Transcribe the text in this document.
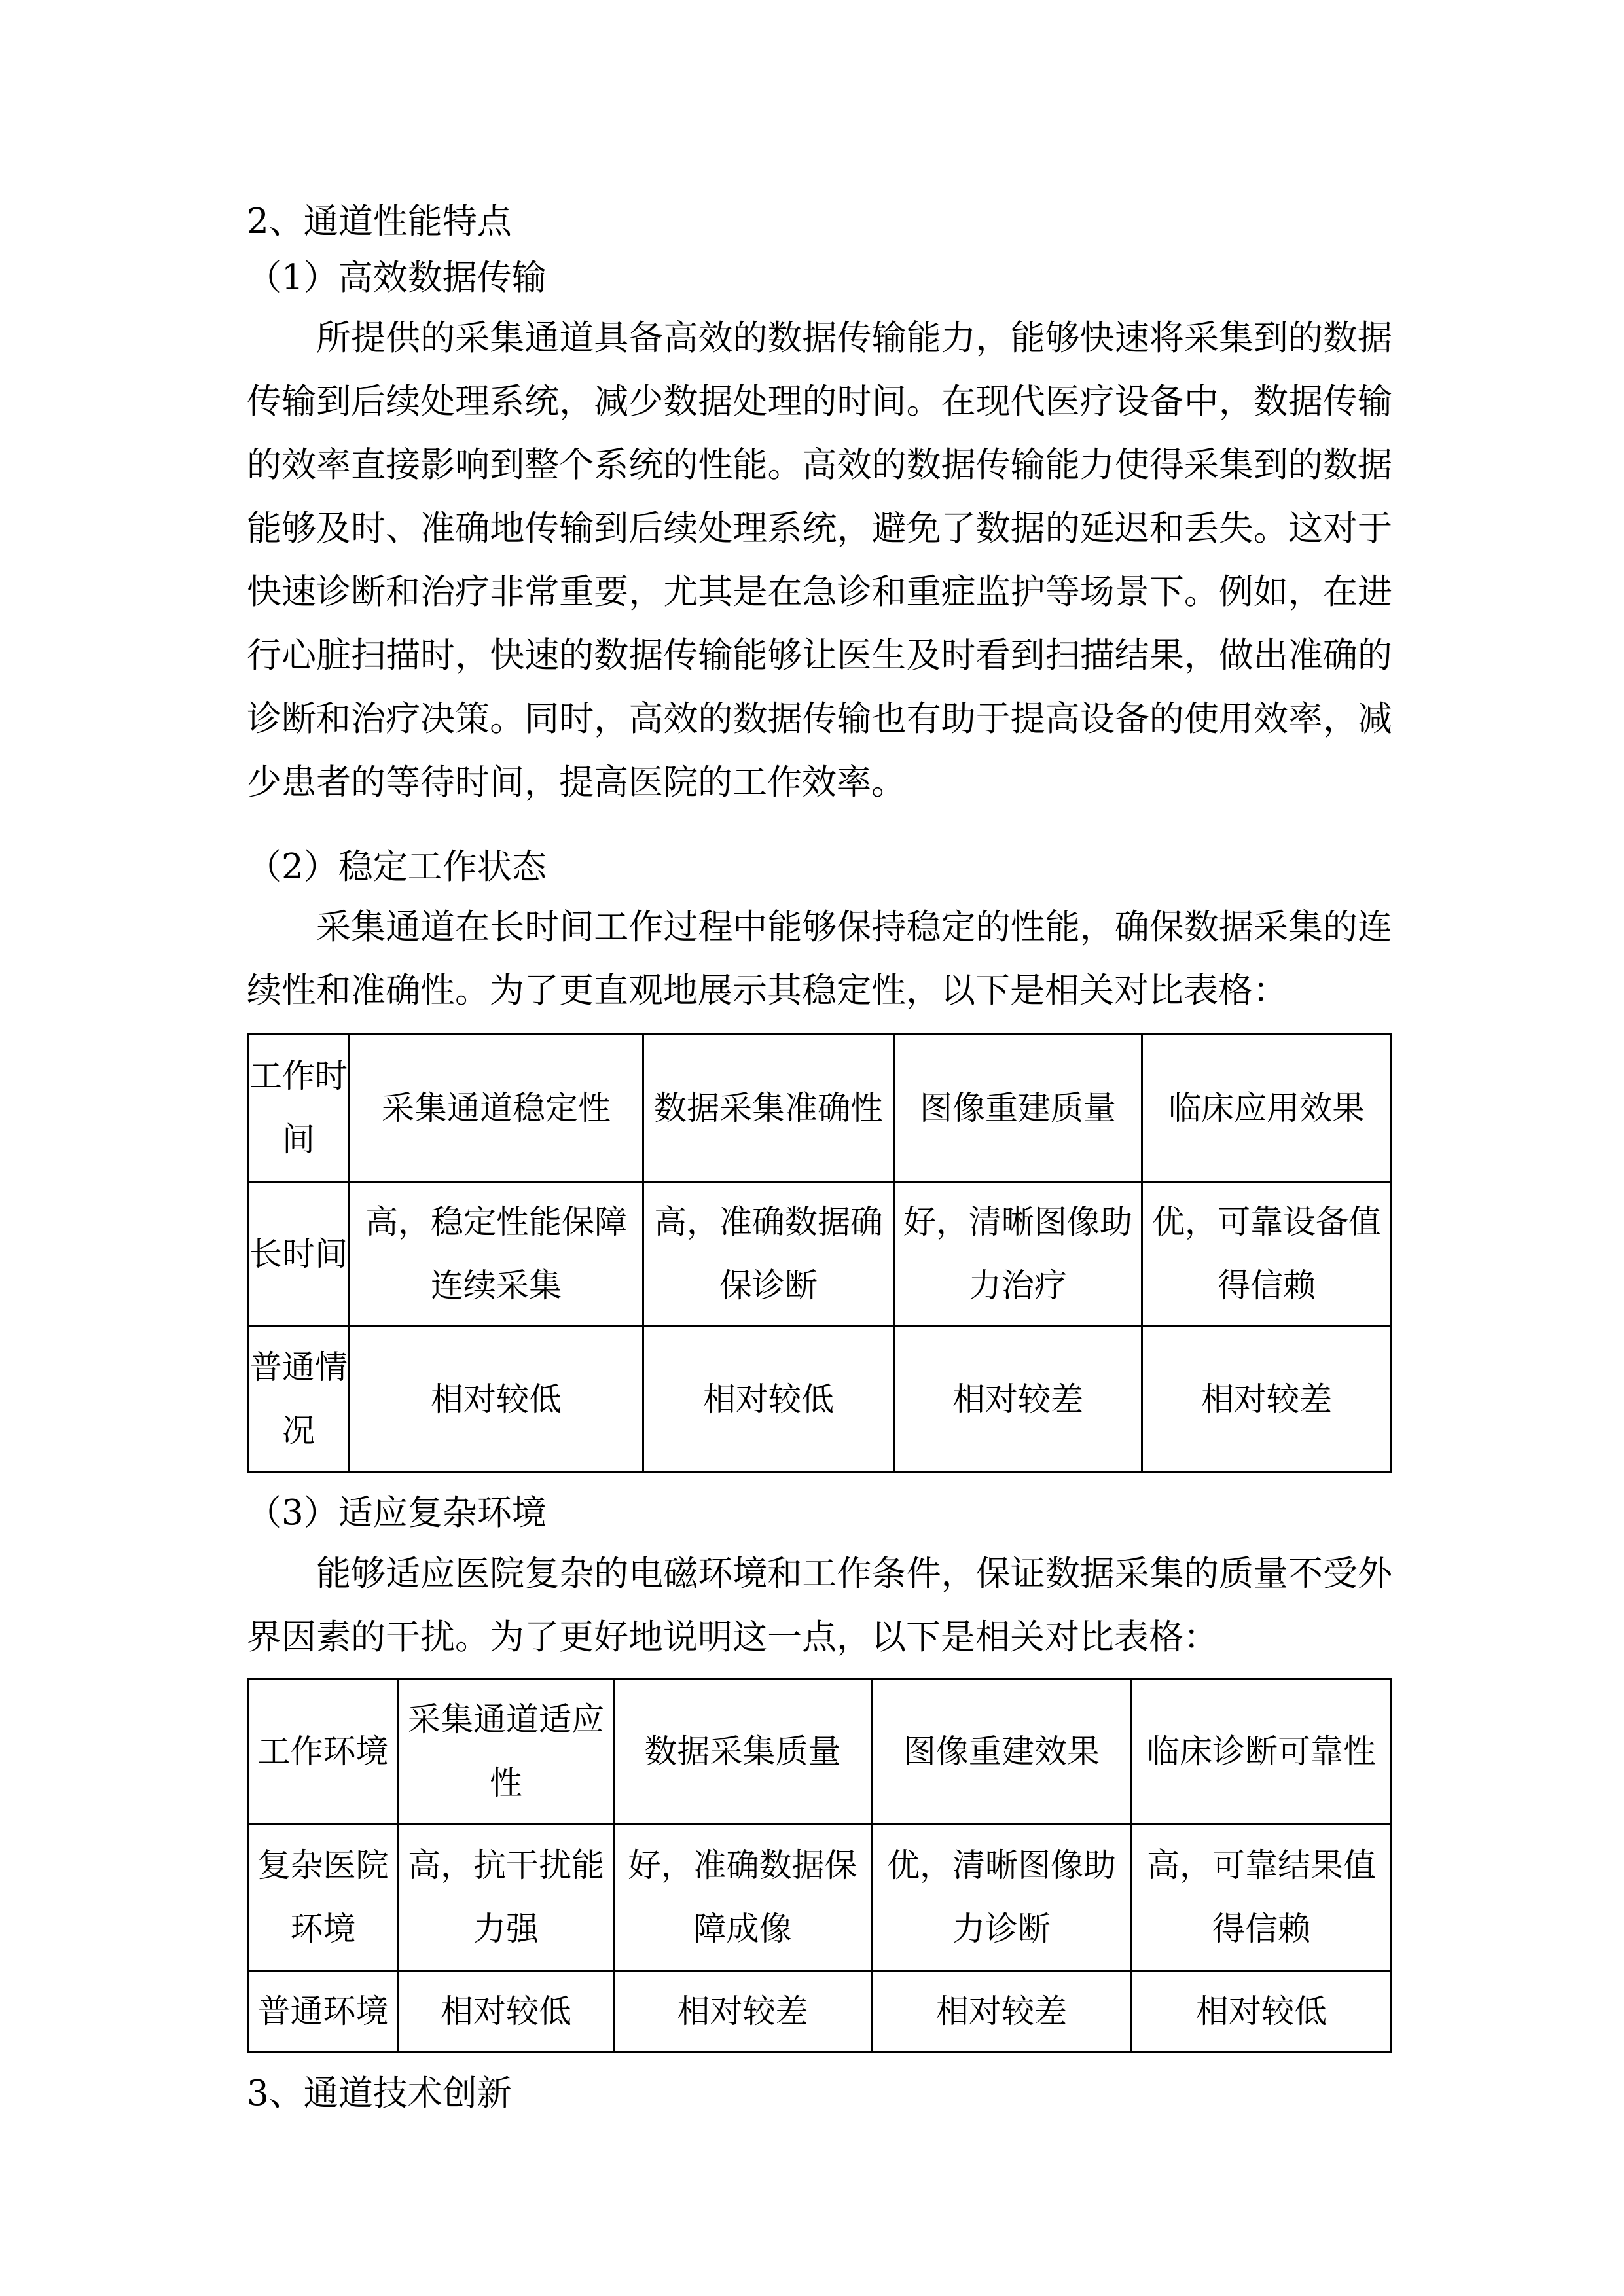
2、通道性能特点
（1）高效数据传输
所提供的采集通道具备高效的数据传输能力，能够快速将采集到的数据传输到后续处理系统，减少数据处理的时间。在现代医疗设备中，数据传输的效率直接影响到整个系统的性能。高效的数据传输能力使得采集到的数据能够及时、准确地传输到后续处理系统，避免了数据的延迟和丢失。这对于快速诊断和治疗非常重要，尤其是在急诊和重症监护等场景下。例如，在进行心脏扫描时，快速的数据传输能够让医生及时看到扫描结果，做出准确的诊断和治疗决策。同时，高效的数据传输也有助于提高设备的使用效率，减少患者的等待时间，提高医院的工作效率。
（2）稳定工作状态
采集通道在长时间工作过程中能够保持稳定的性能，确保数据采集的连续性和准确性。为了更直观地展示其稳定性，以下是相关对比表格：
工作时间	采集通道稳定性	数据采集准确性	图像重建质量	临床应用效果
长时间	高，稳定性能保障连续采集	高，准确数据确保诊断	好，清晰图像助力治疗	优，可靠设备值得信赖
普通情况	相对较低	相对较低	相对较差	相对较差
（3）适应复杂环境
能够适应医院复杂的电磁环境和工作条件，保证数据采集的质量不受外界因素的干扰。为了更好地说明这一点，以下是相关对比表格：
工作环境	采集通道适应性	数据采集质量	图像重建效果	临床诊断可靠性
复杂医院环境	高，抗干扰能力强	好，准确数据保障成像	优，清晰图像助力诊断	高，可靠结果值得信赖
普通环境	相对较低	相对较差	相对较差	相对较低
3、通道技术创新
